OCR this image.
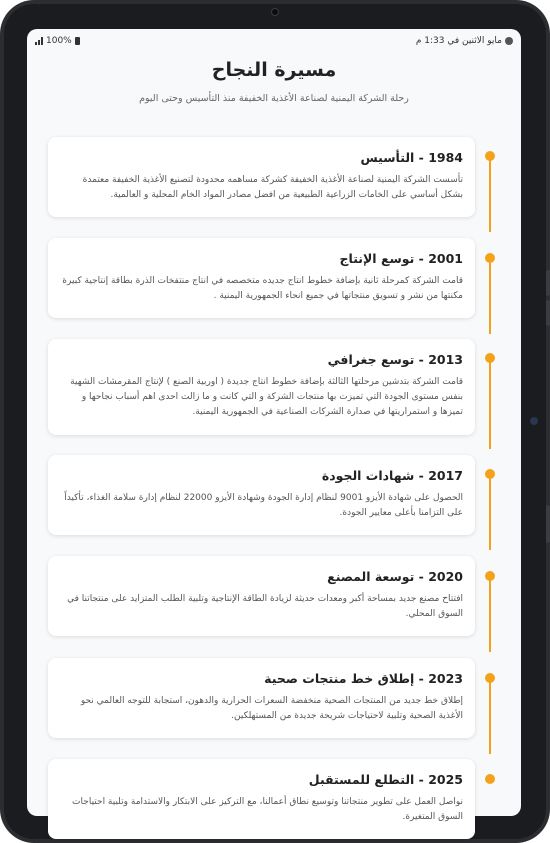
100%	مايو الاثنين في 1:33 م
مسيرة النجاح
رحلة الشركة اليمنية لصناعة الأغذية الخفيفة منذ التأسيس وحتى اليوم
1984 - التأسيس
تأسست الشركة اليمنية لصناعة الأغذية الخفيفة كشركة مساهمه محدودة لتصنيع الأغذية الخفيفة معتمدة بشكل أساسي على الخامات الزراعية الطبيعية من افضل مصادر المواد الخام المحلية و العالمية.
2001 - توسع الإنتاج
قامت الشركة كمرحلة ثانية بإضافة خطوط انتاج جديده متخصصه في انتاج منتفخات الذرة بطاقة إنتاجية كبيرة مكنتها من نشر و تسويق منتجاتها في جميع انحاء الجمهورية اليمنية .
2013 - توسع جغرافي
قامت الشركة بتدشين مرحلتها الثالثة بإضافة خطوط انتاج جديدة ( اوربية الصنع ) لإنتاج المقرمشات الشهية بنفس مستوى الجودة التي تميزت بها منتجات الشركة و التي كانت و ما زالت احدى اهم أسباب نجاحها و تميزها و استمراريتها في صدارة الشركات الصناعية في الجمهورية اليمنية.
2017 - شهادات الجودة
الحصول على شهادة الأيزو 9001 لنظام إدارة الجودة وشهادة الأيزو 22000 لنظام إدارة سلامة الغذاء، تأكيداً على التزامنا بأعلى معايير الجودة.
2020 - توسعة المصنع
افتتاح مصنع جديد بمساحة أكبر ومعدات حديثة لزيادة الطاقة الإنتاجية وتلبية الطلب المتزايد على منتجاتنا في السوق المحلي.
2023 - إطلاق خط منتجات صحية
إطلاق خط جديد من المنتجات الصحية منخفضة السعرات الحرارية والدهون، استجابة للتوجه العالمي نحو الأغذية الصحية وتلبية لاحتياجات شريحة جديدة من المستهلكين.
2025 - التطلع للمستقبل
نواصل العمل على تطوير منتجاتنا وتوسيع نطاق أعمالنا، مع التركيز على الابتكار والاستدامة وتلبية احتياجات السوق المتغيرة.
